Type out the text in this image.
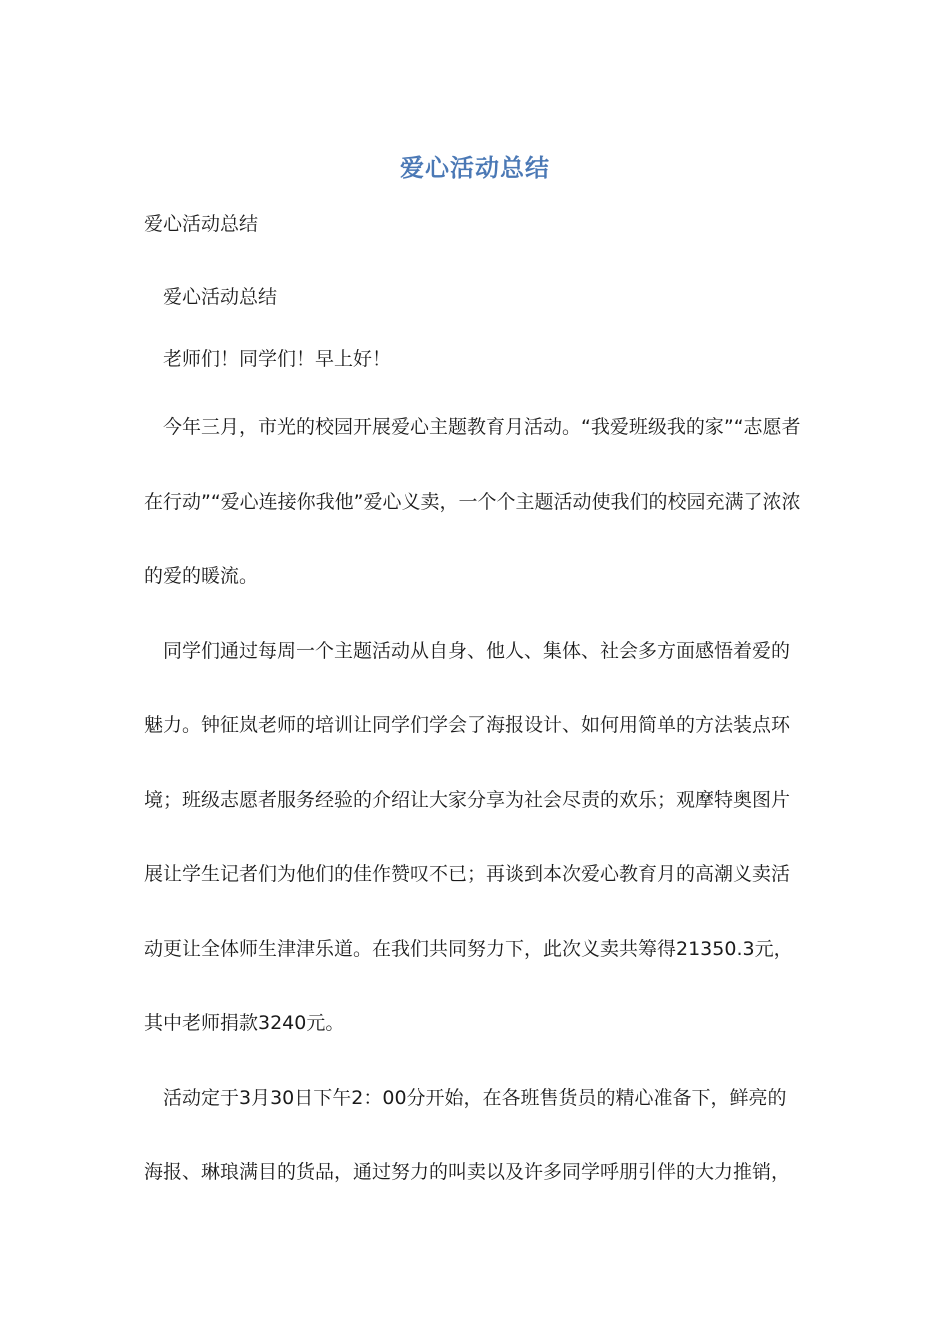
爱心活动总结
爱心活动总结

爱心活动总结

老师们！同学们！早上好！

今年三月，市光的校园开展爱心主题教育月活动。“我爱班级我的家”“志愿者在行动”“爱心连接你我他”爱心义卖，一个个主题活动使我们的校园充满了浓浓的爱的暖流。

同学们通过每周一个主题活动从自身、他人、集体、社会多方面感悟着爱的魅力。钟征岚老师的培训让同学们学会了海报设计、如何用简单的方法装点环境；班级志愿者服务经验的介绍让大家分享为社会尽责的欢乐；观摩特奥图片展让学生记者们为他们的佳作赞叹不已；再谈到本次爱心教育月的高潮义卖活动更让全体师生津津乐道。在我们共同努力下，此次义卖共筹得21350.3元，其中老师捐款3240元。

活动定于3月30日下午2：00分开始，在各班售货员的精心准备下，鲜亮的海报、琳琅满目的货品，通过努力的叫卖以及许多同学呼朋引伴的大力推销，
